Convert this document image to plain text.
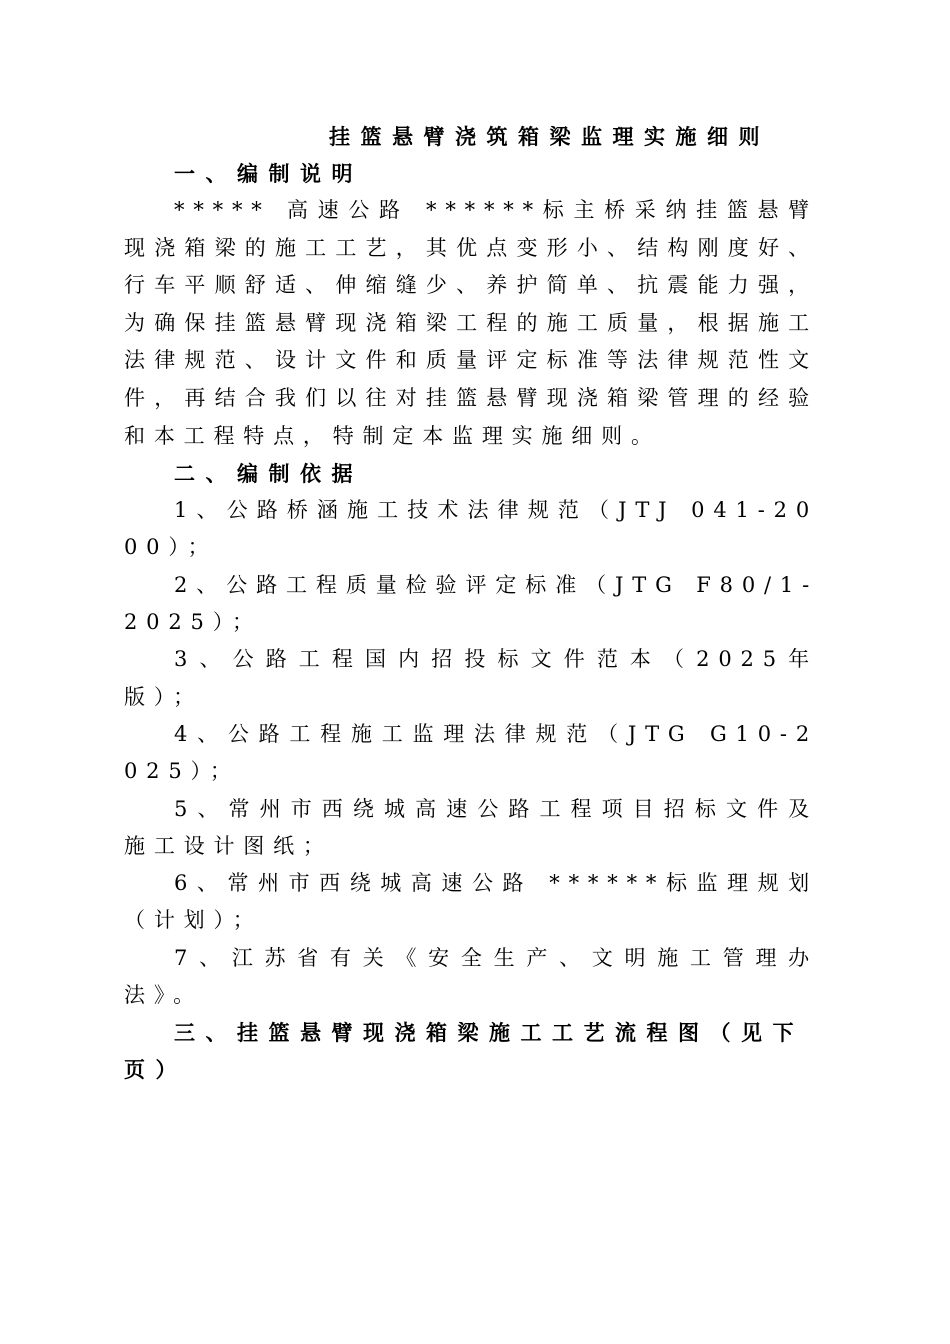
挂篮悬臂浇筑箱梁监理实施细则
一、编制说明

***** 高速公路 ******标主桥采纳挂篮悬臂现浇箱梁的施工工艺，其优点变形小、结构刚度好、行车平顺舒适、伸缩缝少、养护简单、抗震能力强，为确保挂篮悬臂现浇箱梁工程的施工质量，根据施工法律规范、设计文件和质量评定标准等法律规范性文件，再结合我们以往对挂篮悬臂现浇箱梁管理的经验和本工程特点，特制定本监理实施细则。

二、编制依据

1、公路桥涵施工技术法律规范（JTJ 041-2000）；

2、公路工程质量检验评定标准（JTG F80/1-2025）；

3、公路工程国内招投标文件范本（2025年版）；

4、公路工程施工监理法律规范（JTG G10-2025）；

5、常州市西绕城高速公路工程项目招标文件及施工设计图纸；

6、常州市西绕城高速公路 ******标监理规划（计划）；

7、江苏省有关《安全生产、文明施工管理办法》。

三、挂篮悬臂现浇箱梁施工工艺流程图（见下页）
